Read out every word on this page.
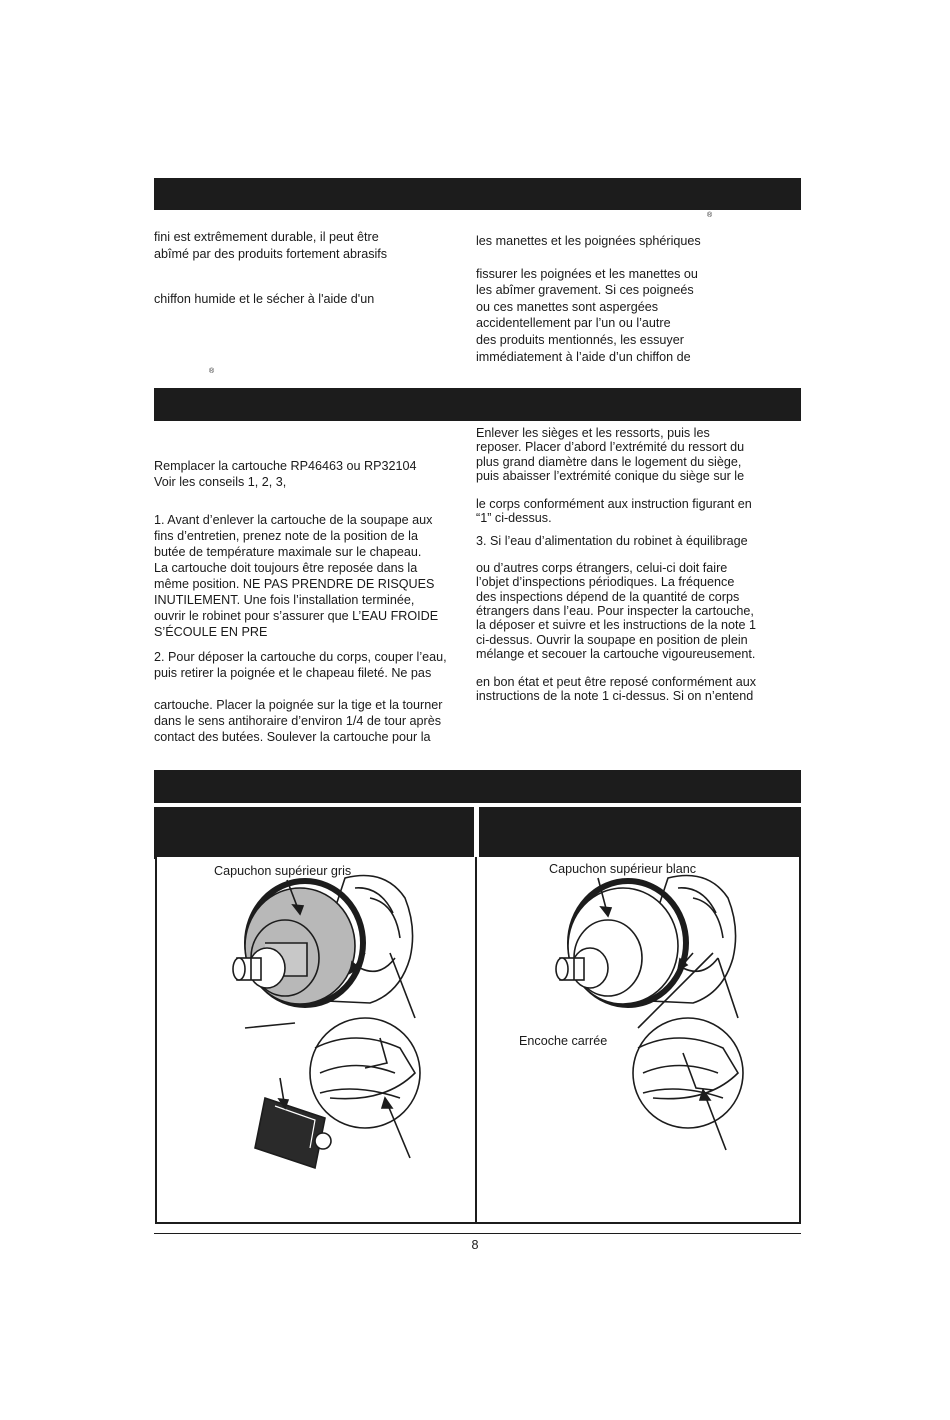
®
®

fini est extrêmement durable, il peut être

abîmé par des produits fortement abrasifs

chiffon humide et le sécher à l'aide d'un

les manettes et les poignées sphériques

fissurer les poignées et les manettes ou

les abîmer gravement. Si ces poigneés

ou ces manettes sont aspergées

accidentellement par l’un ou l’autre

des produits mentionnés, les essuyer

immédiatement à l’aide d’un chiffon de

Remplacer la cartouche RP46463 ou RP32104

Voir les conseils 1, 2, 3,

1. Avant d’enlever la cartouche de la soupape aux

fins d’entretien, prenez note de la position de la

butée de température maximale sur le chapeau.

La cartouche doit toujours être reposée dans la

même position. NE PAS PRENDRE DE RISQUES

INUTILEMENT. Une fois l’installation terminée,

ouvrir le robinet pour s’assurer que L’EAU FROIDE

S’ÉCOULE EN PRE

2. Pour déposer la cartouche du corps, couper l’eau,

puis retirer la poignée et le chapeau fileté. Ne pas

cartouche. Placer la poignée sur la tige et la tourner

dans le sens antihoraire d’environ 1/4 de tour après

contact des butées. Soulever la cartouche pour la

Enlever les sièges et les ressorts, puis les

reposer. Placer d’abord l’extrémité du ressort du

plus grand diamètre dans le logement du siège,

puis abaisser l’extrémité conique du siège sur le

le corps conformément aux instruction figurant en

“1” ci-dessus.

3. Si l’eau d’alimentation du robinet à équilibrage

ou d’autres corps étrangers, celui-ci doit faire

l’objet d’inspections périodiques. La fréquence

des inspections dépend de la quantité de corps

étrangers dans l’eau. Pour inspecter la cartouche,

la déposer et suivre et les instructions de la note 1

ci-dessus. Ouvrir la soupape en position de plein

mélange et secouer la cartouche vigoureusement.

en bon état et peut être reposé conformément aux

instructions de la note 1 ci-dessus. Si on n’entend

Capuchon supérieur gris	Capuchon supérieur blanc
Encoche carrée
8
